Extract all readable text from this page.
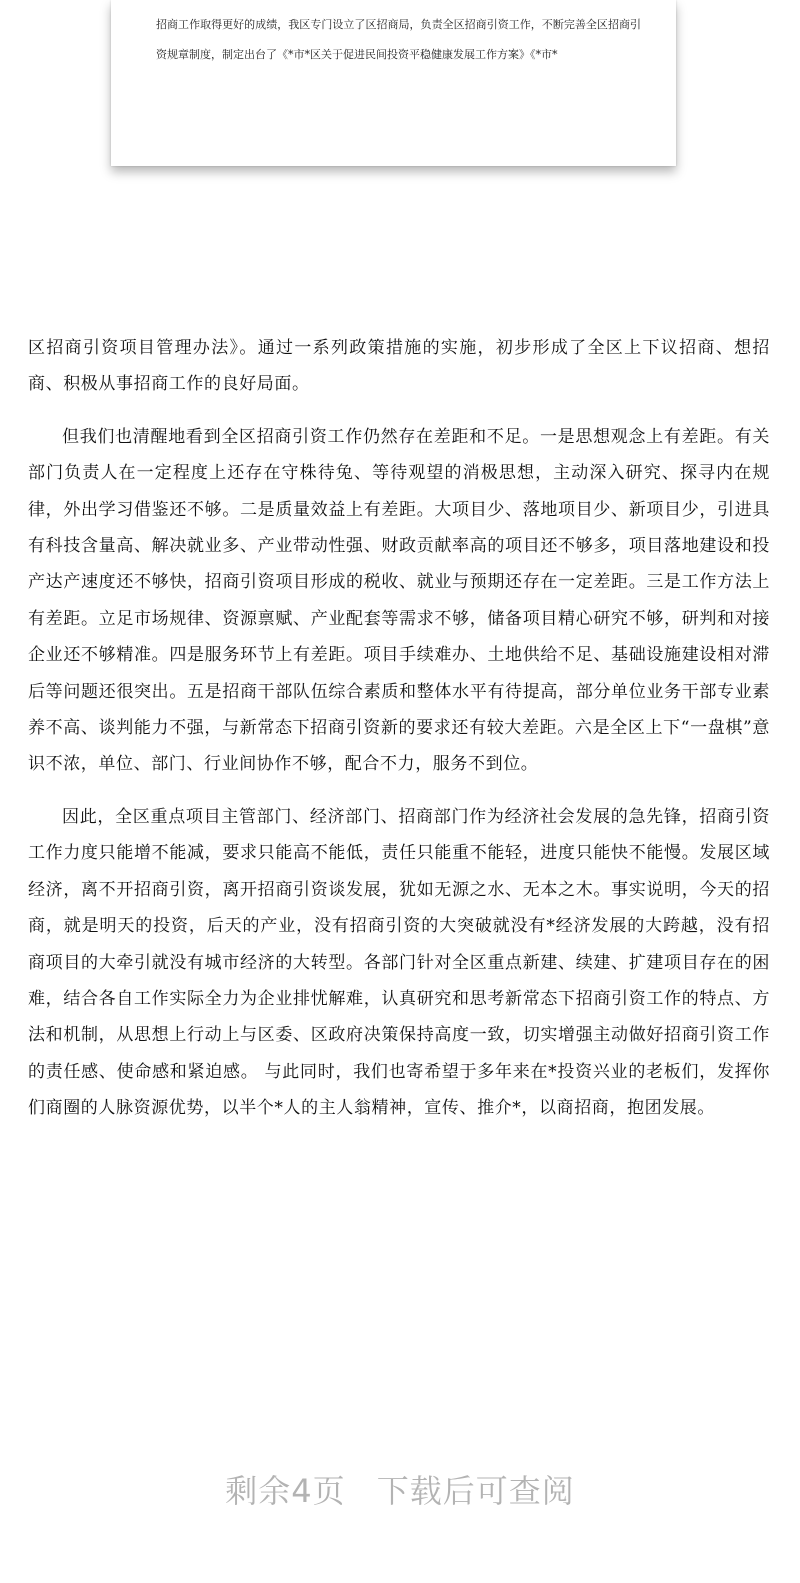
招商工作取得更好的成绩，我区专门设立了区招商局，负责全区招商引资工作，不断完善全区招商引资规章制度，制定出台了《*市*区关于促进民间投资平稳健康发展工作方案》《*市*

区招商引资项目管理办法》。通过一系列政策措施的实施，初步形成了全区上下议招商、想招商、积极从事招商工作的良好局面。

但我们也清醒地看到全区招商引资工作仍然存在差距和不足。一是思想观念上有差距。有关部门负责人在一定程度上还存在守株待兔、等待观望的消极思想，主动深入研究、探寻内在规律，外出学习借鉴还不够。二是质量效益上有差距。大项目少、落地项目少、新项目少，引进具有科技含量高、解决就业多、产业带动性强、财政贡献率高的项目还不够多，项目落地建设和投产达产速度还不够快，招商引资项目形成的税收、就业与预期还存在一定差距。三是工作方法上有差距。立足市场规律、资源禀赋、产业配套等需求不够，储备项目精心研究不够，研判和对接企业还不够精准。四是服务环节上有差距。项目手续难办、土地供给不足、基础设施建设相对滞后等问题还很突出。五是招商干部队伍综合素质和整体水平有待提高，部分单位业务干部专业素养不高、谈判能力不强，与新常态下招商引资新的要求还有较大差距。六是全区上下“一盘棋”意识不浓，单位、部门、行业间协作不够，配合不力，服务不到位。

因此，全区重点项目主管部门、经济部门、招商部门作为经济社会发展的急先锋，招商引资工作力度只能增不能减，要求只能高不能低，责任只能重不能轻，进度只能快不能慢。发展区域经济，离不开招商引资，离开招商引资谈发展，犹如无源之水、无本之木。事实说明，今天的招商，就是明天的投资，后天的产业，没有招商引资的大突破就没有*经济发展的大跨越，没有招商项目的大牵引就没有城市经济的大转型。各部门针对全区重点新建、续建、扩建项目存在的困难，结合各自工作实际全力为企业排忧解难，认真研究和思考新常态下招商引资工作的特点、方法和机制，从思想上行动上与区委、区政府决策保持高度一致，切实增强主动做好招商引资工作的责任感、使命感和紧迫感。 与此同时，我们也寄希望于多年来在*投资兴业的老板们，发挥你们商圈的人脉资源优势，以半个*人的主人翁精神，宣传、推介*，以商招商，抱团发展。

剩余4页 下载后可查阅
